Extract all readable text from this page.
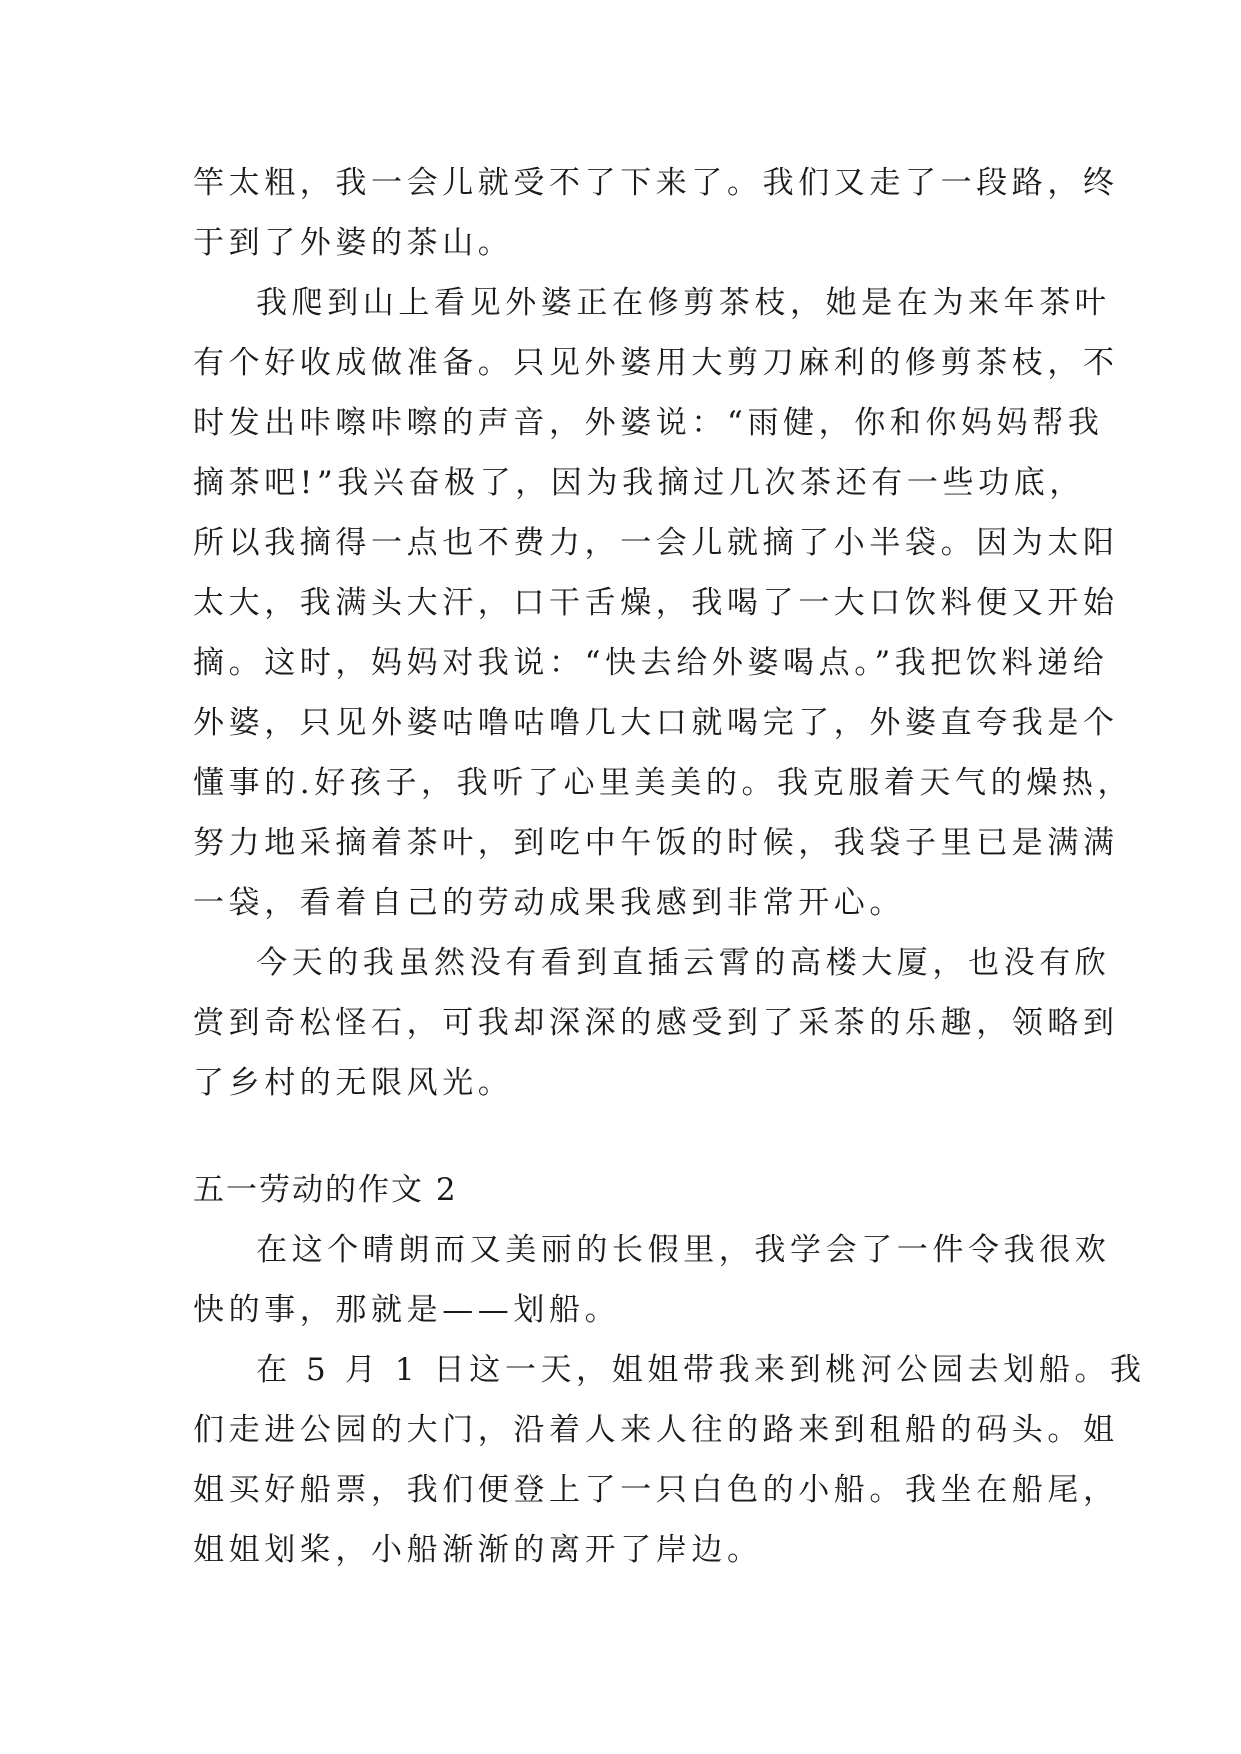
竿太粗，我一会儿就受不了下来了。我们又走了一段路，终
于到了外婆的茶山。
我爬到山上看见外婆正在修剪茶枝，她是在为来年茶叶
有个好收成做准备。只见外婆用大剪刀麻利的修剪茶枝，不
时发出咔嚓咔嚓的声音，外婆说：“雨健，你和你妈妈帮我
摘茶吧!”我兴奋极了，因为我摘过几次茶还有一些功底，
所以我摘得一点也不费力，一会儿就摘了小半袋。因为太阳
太大，我满头大汗，口干舌燥，我喝了一大口饮料便又开始
摘。这时，妈妈对我说：“快去给外婆喝点。”我把饮料递给
外婆，只见外婆咕噜咕噜几大口就喝完了，外婆直夸我是个
懂事的.好孩子，我听了心里美美的。我克服着天气的燥热，
努力地采摘着茶叶，到吃中午饭的时候，我袋子里已是满满
一袋，看着自己的劳动成果我感到非常开心。
今天的我虽然没有看到直插云霄的高楼大厦，也没有欣
赏到奇松怪石，可我却深深的感受到了采茶的乐趣，领略到
了乡村的无限风光。
五一劳动的作文 2
在这个晴朗而又美丽的长假里，我学会了一件令我很欢
快的事，那就是——划船。
在 5 月 1 日这一天，姐姐带我来到桃河公园去划船。我
们走进公园的大门，沿着人来人往的路来到租船的码头。姐
姐买好船票，我们便登上了一只白色的小船。我坐在船尾，
姐姐划桨，小船渐渐的离开了岸边。
